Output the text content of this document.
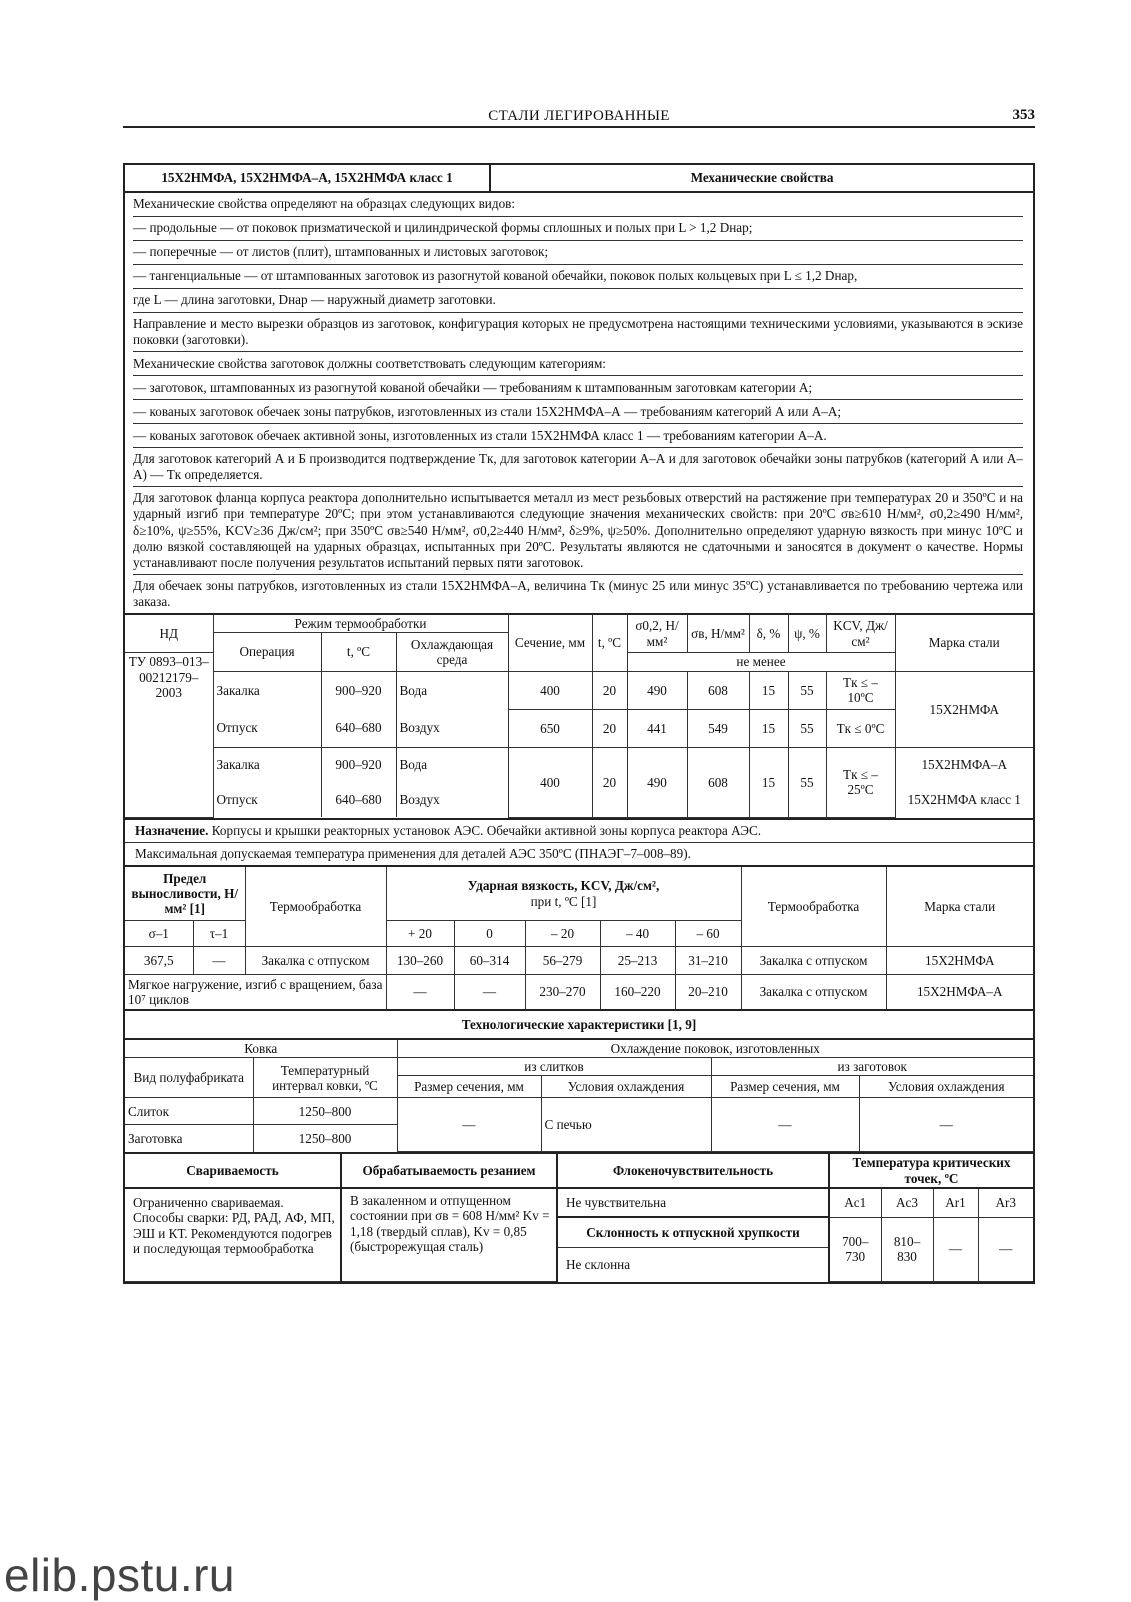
СТАЛИ ЛЕГИРОВАННЫЕ	353
15Х2НМФА, 15Х2НМФА–А, 15Х2НМФА класс 1	Механические свойства

Механические свойства определяют на образцах следующих видов:

— продольные — от поковок призматической и цилиндрической формы сплошных и полых при L > 1,2 Dнар;

— поперечные — от листов (плит), штампованных и листовых заготовок;

— тангенциальные — от штампованных заготовок из разогнутой кованой обечайки, поковок полых кольцевых при L ≤ 1,2 Dнар,

где L — длина заготовки, Dнар — наружный диаметр заготовки.

Направление и место вырезки образцов из заготовок, конфигурация которых не предусмотрена настоящими техническими условиями, указываются в эскизе поковки (заготовки).

Механические свойства заготовок должны соответствовать следующим категориям:

— заготовок, штампованных из разогнутой кованой обечайки — требованиям к штампованным заготовкам категории А;

— кованых заготовок обечаек зоны патрубков, изготовленных из стали 15Х2НМФА–А — требованиям категорий А или А–А;

— кованых заготовок обечаек активной зоны, изготовленных из стали 15Х2НМФА класс 1 — требованиям категории А–А.

Для заготовок категорий А и Б производится подтверждение Tк, для заготовок категории А–А и для заготовок обечайки зоны патрубков (категорий А или А–А) — Tк определяется.

Для заготовок фланца корпуса реактора дополнительно испытывается металл из мест резьбовых отверстий на растяжение при температурах 20 и 350ºС и на ударный изгиб при температуре 20ºС; при этом устанавливаются следующие значения механических свойств: при 20ºС σв≥610 Н/мм², σ0,2≥490 Н/мм², δ≥10%, ψ≥55%, KCV≥36 Дж/см²; при 350ºС σв≥540 Н/мм², σ0,2≥440 Н/мм², δ≥9%, ψ≥50%. Дополнительно определяют ударную вязкость при минус 10ºС и долю вязкой составляющей на ударных образцах, испытанных при 20ºС. Результаты являются не сдаточными и заносятся в документ о качестве. Нормы устанавливают после получения результатов испытаний первых пяти заготовок.

Для обечаек зоны патрубков, изготовленных из стали 15Х2НМФА–А, величина Tк (минус 25 или минус 35ºС) устанавливается по требованию чертежа или заказа.

НД	Режим термообработки			Сечение, мм	t, ºС	σ0,2, Н/мм²	σв, Н/мм²	δ, %	ψ, %	KCV, Дж/см²	Марка стали
	Операция	t, ºС	Охлаждающая среда								
ТУ 0893–013–00212179–2003						не менее					
	Закалка	900–920	Вода	400	20	490	608	15	55	Tк ≤ – 10ºС	15Х2НМФА
	Отпуск	640–680	Воздух	650	20	441	549	15	55	Tк ≤ 0ºС	
	Закалка	900–920	Вода	400	20	490	608	15	55	Tк ≤ – 25ºС	15Х2НМФА–А
	Отпуск	640–680	Воздух								15Х2НМФА класс 1
Назначение. Корпусы и крышки реакторных установок АЭС. Обечайки активной зоны корпуса реактора АЭС.
Максимальная допускаемая температура применения для деталей АЭС 350ºС (ПНАЭГ–7–008–89).
Предел выносливости, Н/мм² [1]		Термообработка	Ударная вязкость, KCV, Дж/см²,
при t, ºС [1]					Термообработка	Марка стали
σ–1	τ–1		+ 20	0	– 20	– 40	– 60		
367,5	—	Закалка с отпуском	130–260	60–314	56–279	25–213	31–210	Закалка с отпуском	15Х2НМФА
Мягкое нагружение, изгиб с вращением, база 10⁷ циклов			—	—	230–270	160–220	20–210	Закалка с отпуском	15Х2НМФА–А
Технологические характеристики [1, 9]					
Ковка		Охлаждение поковок, изготовленных			
Вид полуфабриката	Температурный интервал ковки, ºС	из слитков		из заготовок	
		Размер сечения, мм	Условия охлаждения	Размер сечения, мм	Условия охлаждения
Слиток	1250–800	—	С печью	—	—
Заготовка	1250–800				
Свариваемость	Обрабатываемость резанием	Флокеночувствительность	Температура критических точек, ºС			
Ограниченно свариваемая. Способы сварки: РД, РАД, АФ, МП, ЭШ и КТ. Рекомендуются подогрев и последующая термообработка	В закаленном и отпущенном состоянии при σв = 608 Н/мм² Kv = 1,18 (твердый сплав), Kv = 0,85 (быстрорежущая сталь)	Не чувствительна	Ac1	Ac3	Ar1	Ar3
		Склонность к отпускной хрупкости	700–730	810–830	—	—
		Не склонна				
elib.pstu.ru
